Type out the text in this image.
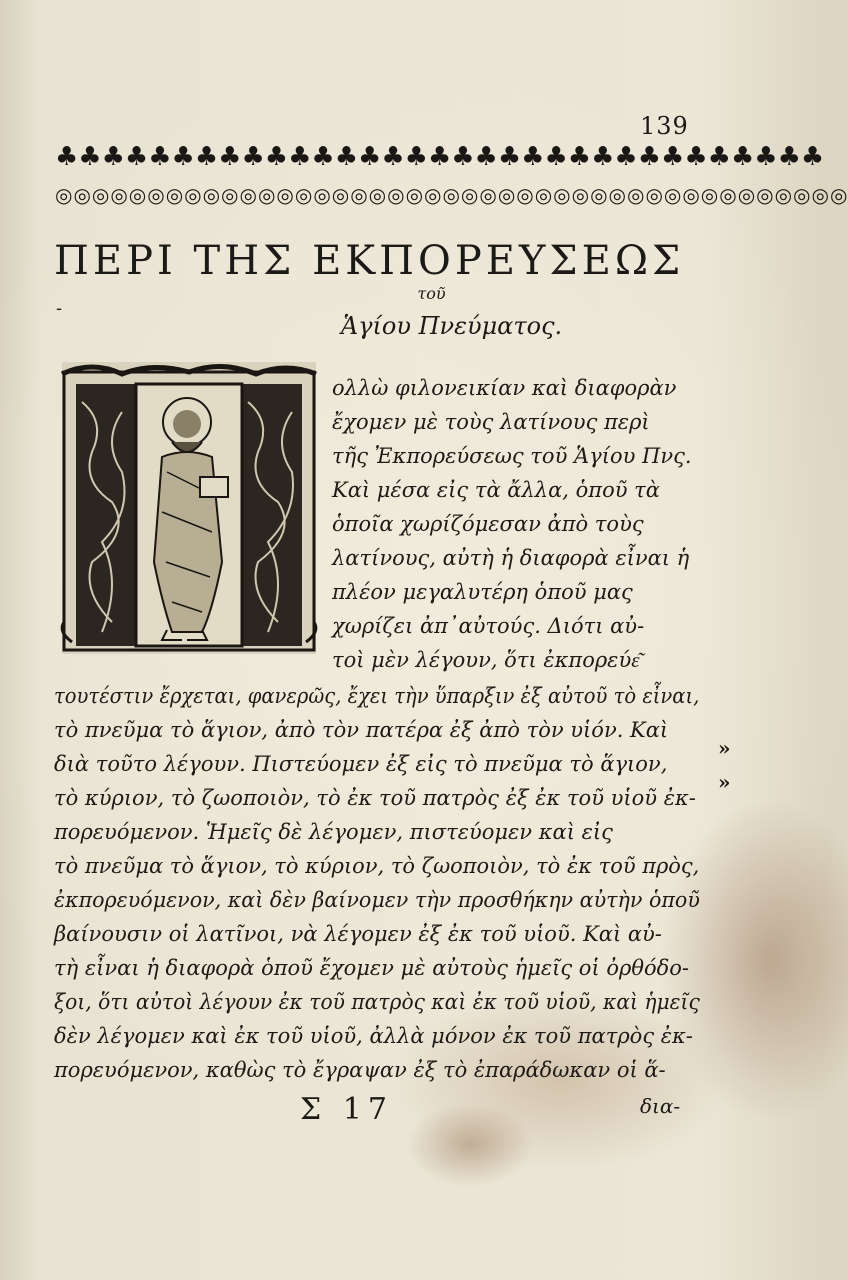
139
♣♣♣♣♣♣♣♣♣♣♣♣♣♣♣♣♣♣♣♣♣♣♣♣♣♣♣♣♣♣♣♣♣
◎◎◎◎◎◎◎◎◎◎◎◎◎◎◎◎◎◎◎◎◎◎◎◎◎◎◎◎◎◎◎◎◎◎◎◎◎◎◎◎◎◎◎
ΠΕΡΙ ΤΗΣ ΕΚΠΟΡΕΥΣΕΩΣ
-
τοῦ
Ἁγίου Πνεύματος.
ολλὼ φιλονεικίαν καὶ διαφορὰν
ἔχομεν μὲ τοὺς λατίνους περὶ
τῆς Ἐκπορεύσεως τοῦ Ἁγίου Πνς.
Καὶ μέσα εἰς τὰ ἄλλα, ὁποῦ τὰ
ὁποῖα χωρίζόμεσαν ἀπὸ τοὺς
λατίνους, αὐτὴ ἡ διαφορὰ εἶναι ἡ
πλέον μεγαλυτέρη ὁποῦ μας
χωρίζει ἀπ᾽αὐτούς. Διότι αὐ-
τοὶ μὲν λέγουν, ὅτι ἐκπορεύε͂
τουτέστιν ἔρχεται, φανερῶς, ἔχει τὴν ὕπαρξιν ἐξ αὐτοῦ τὸ εἶναι,
τὸ πνεῦμα τὸ ἅγιον, ἀπὸ τὸν πατέρα ἐξ ἀπὸ τὸν υἱόν. Καὶ
διὰ τοῦτο λέγουν. Πιστεύομεν ἐξ εἰς τὸ πνεῦμα τὸ ἅγιον,
τὸ κύριον, τὸ ζωοποιὸν, τὸ ἐκ τοῦ πατρὸς ἐξ ἐκ τοῦ υἱοῦ ἐκ-
πορευόμενον. Ἡμεῖς δὲ λέγομεν, πιστεύομεν καὶ εἰς
τὸ πνεῦμα τὸ ἅγιον, τὸ κύριον, τὸ ζωοποιὸν, τὸ ἐκ τοῦ πρὸς,
ἐκπορευόμενον, καὶ δὲν βαίνομεν τὴν προσθήκην αὐτὴν ὁποῦ
βαίνουσιν οἱ λατῖνοι, νὰ λέγομεν ἐξ ἐκ τοῦ υἱοῦ. Καὶ αὐ-
τὴ εἶναι ἡ διαφορὰ ὁποῦ ἔχομεν μὲ αὐτοὺς ἡμεῖς οἱ ὀρθόδο-
ξοι, ὅτι αὐτοὶ λέγουν ἐκ τοῦ πατρὸς καὶ ἐκ τοῦ υἱοῦ, καὶ ἡμεῖς
δὲν λέγομεν καὶ ἐκ τοῦ υἱοῦ, ἀλλὰ μόνον ἐκ τοῦ πατρὸς ἐκ-
πορευόμενον, καθὼς τὸ ἔγραψαν ἐξ τὸ ἐπαράδωκαν οἱ ἅ-
»
»
Σ 17	δια-
